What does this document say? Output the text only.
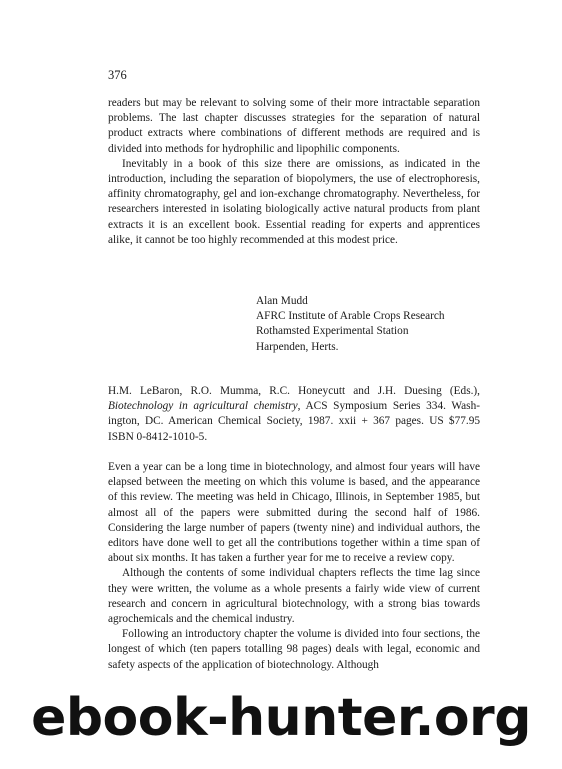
376

readers but may be relevant to solving some of their more intractable separation problems. The last chapter discusses strategies for the separation of natural product extracts where combinations of different methods are required and is divided into methods for hydrophilic and lipophilic components.

Inevitably in a book of this size there are omissions, as indicated in the introduction, including the separation of biopolymers, the use of electrophoresis, affinity chromatography, gel and ion-exchange chromatography. Nevertheless, for researchers interested in isolating biologically active natural products from plant extracts it is an excellent book. Essential reading for experts and apprentices alike, it cannot be too highly recommended at this modest price.

Alan Mudd
AFRC Institute of Arable Crops Research
Rothamsted Experimental Station
Harpenden, Herts.
H.M. LeBaron, R.O. Mumma, R.C. Honeycutt and J.H. Duesing (Eds.), Biotechnology in agricultural chemistry, ACS Symposium Series 334. Washington, DC. American Chemical Society, 1987. xxii + 367 pages. US $77.95 ISBN 0-8412-1010-5.

Even a year can be a long time in biotechnology, and almost four years will have elapsed between the meeting on which this volume is based, and the appearance of this review. The meeting was held in Chicago, Illinois, in September 1985, but almost all of the papers were submitted during the second half of 1986. Considering the large number of papers (twenty nine) and individual authors, the editors have done well to get all the contributions together within a time span of about six months. It has taken a further year for me to receive a review copy.

Although the contents of some individual chapters reflects the time lag since they were written, the volume as a whole presents a fairly wide view of current research and concern in agricultural biotechnology, with a strong bias towards agrochemicals and the chemical industry.

Following an introductory chapter the volume is divided into four sections, the longest of which (ten papers totalling 98 pages) deals with legal, economic and safety aspects of the application of biotechnology. Although

ebook-hunter.org
